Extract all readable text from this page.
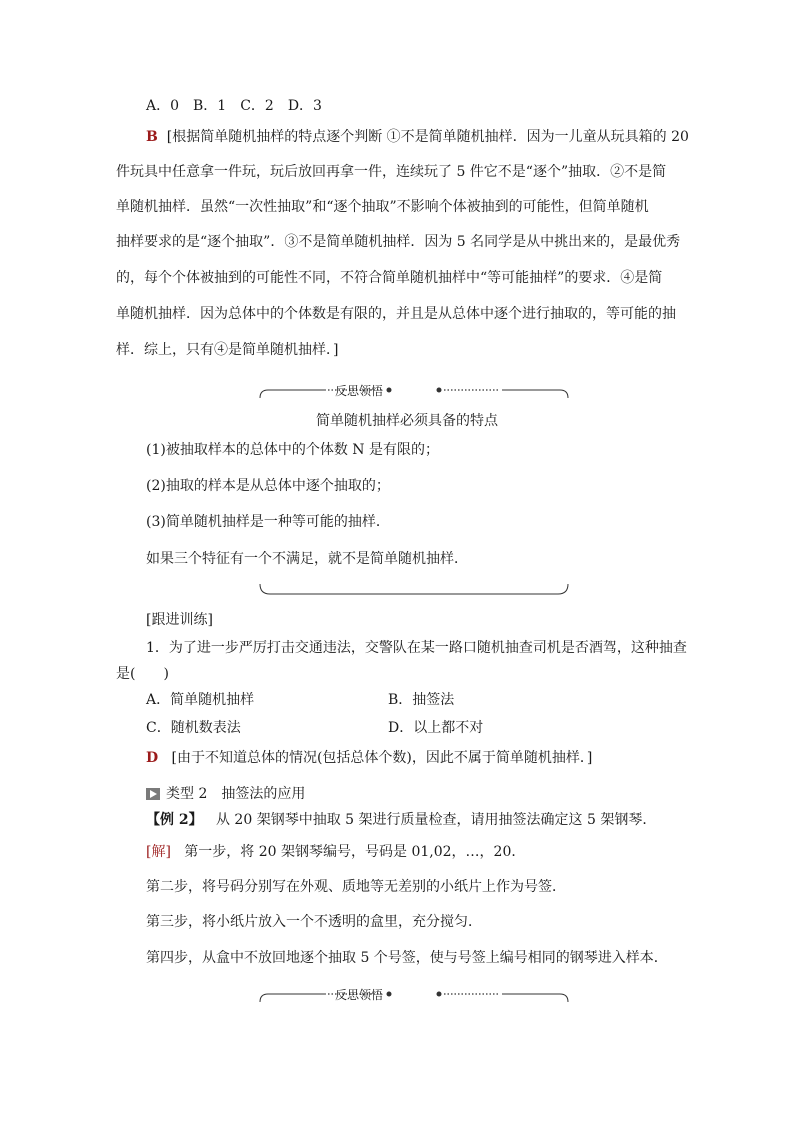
A．0　B．1　C．2　D．3
B [根据简单随机抽样的特点逐个判断 ①不是简单随机抽样．因为一儿童从玩具箱的 20
件玩具中任意拿一件玩，玩后放回再拿一件，连续玩了 5 件它不是“逐个”抽取．②不是简
单随机抽样．虽然“一次性抽取”和“逐个抽取”不影响个体被抽到的可能性，但简单随机
抽样要求的是“逐个抽取”．③不是简单随机抽样．因为 5 名同学是从中挑出来的，是最优秀
的，每个个体被抽到的可能性不同，不符合简单随机抽样中“等可能抽样”的要求．④是简
单随机抽样．因为总体中的个体数是有限的，并且是从总体中逐个进行抽取的，等可能的抽
样．综上，只有④是简单随机抽样．]
反思领悟
简单随机抽样必须具备的特点
(1)被抽取样本的总体中的个体数 N 是有限的；
(2)抽取的样本是从总体中逐个抽取的；
(3)简单随机抽样是一种等可能的抽样．
如果三个特征有一个不满足，就不是简单随机抽样．
[跟进训练]
1．为了进一步严厉打击交通违法，交警队在某一路口随机抽查司机是否酒驾，这种抽查
是(　　)
A．简单随机抽样	B．抽签法
C．随机数表法	D．以上都不对
D [由于不知道总体的情况(包括总体个数)，因此不属于简单随机抽样．]
类型 2　抽签法的应用
【例 2】 从 20 架钢琴中抽取 5 架进行质量检查，请用抽签法确定这 5 架钢琴．
[解] 第一步，将 20 架钢琴编号，号码是 01,02，…，20．
第二步，将号码分别写在外观、质地等无差别的小纸片上作为号签．
第三步，将小纸片放入一个不透明的盒里，充分搅匀．
第四步，从盒中不放回地逐个抽取 5 个号签，使与号签上编号相同的钢琴进入样本．
反思领悟
